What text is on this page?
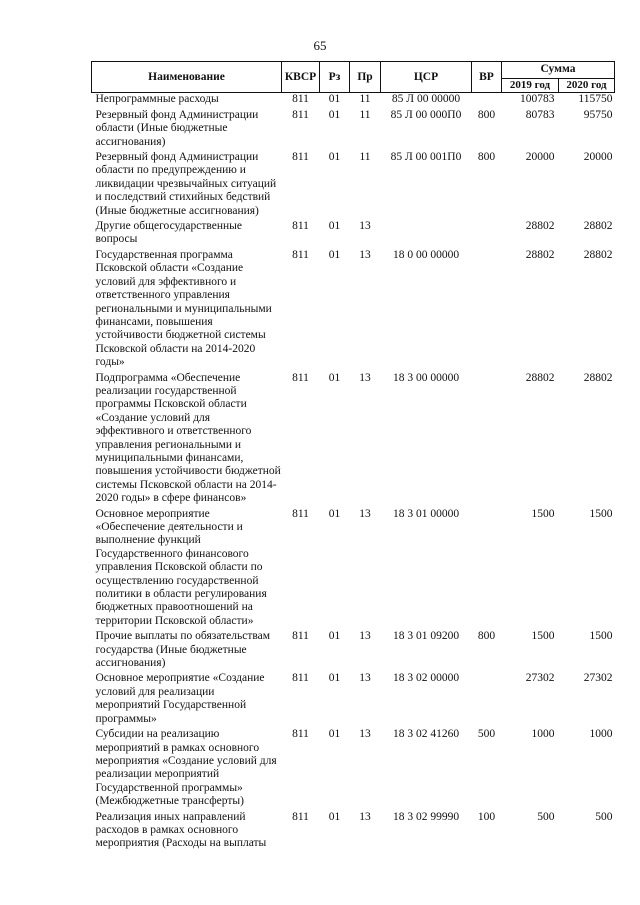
65
Наименование	КВСР	Рз	Пр	ЦСР	ВР	Сумма	
						2019 год	2020 год
Непрограммные расходы	811	01	11	85 Л 00 00000		100783	115750
Резервный фонд Администрации области (Иные бюджетные ассигнования)	811	01	11	85 Л 00 000П0	800	80783	95750
Резервный фонд Администрации области по предупреждению и ликвидации чрезвычайных ситуаций и последствий стихийных бедствий (Иные бюджетные ассигнования)	811	01	11	85 Л 00 001П0	800	20000	20000
Другие общегосударственные вопросы	811	01	13			28802	28802
Государственная программа Псковской области «Создание условий для эффективного и ответственного управления региональными и муниципальными финансами, повышения устойчивости бюджетной системы Псковской области на 2014-2020 годы»	811	01	13	18 0 00 00000		28802	28802
Подпрограмма «Обеспечение реализации государственной программы Псковской области «Создание условий для эффективного и ответственного управления региональными и муниципальными финансами, повышения устойчивости бюджетной системы Псковской области на 2014-2020 годы» в сфере финансов»	811	01	13	18 3 00 00000		28802	28802
Основное мероприятие «Обеспечение деятельности и выполнение функций Государственного финансового управления Псковской области по осуществлению государственной политики в области регулирования бюджетных правоотношений на территории Псковской области»	811	01	13	18 3 01 00000		1500	1500
Прочие выплаты по обязательствам государства (Иные бюджетные ассигнования)	811	01	13	18 3 01 09200	800	1500	1500
Основное мероприятие «Создание условий для реализации мероприятий Государственной программы»	811	01	13	18 3 02 00000		27302	27302
Субсидии на реализацию мероприятий в рамках основного мероприятия «Создание условий для реализации мероприятий Государственной программы» (Межбюджетные трансферты)	811	01	13	18 3 02 41260	500	1000	1000
Реализация иных направлений расходов в рамках основного мероприятия (Расходы на выплаты	811	01	13	18 3 02 99990	100	500	500
